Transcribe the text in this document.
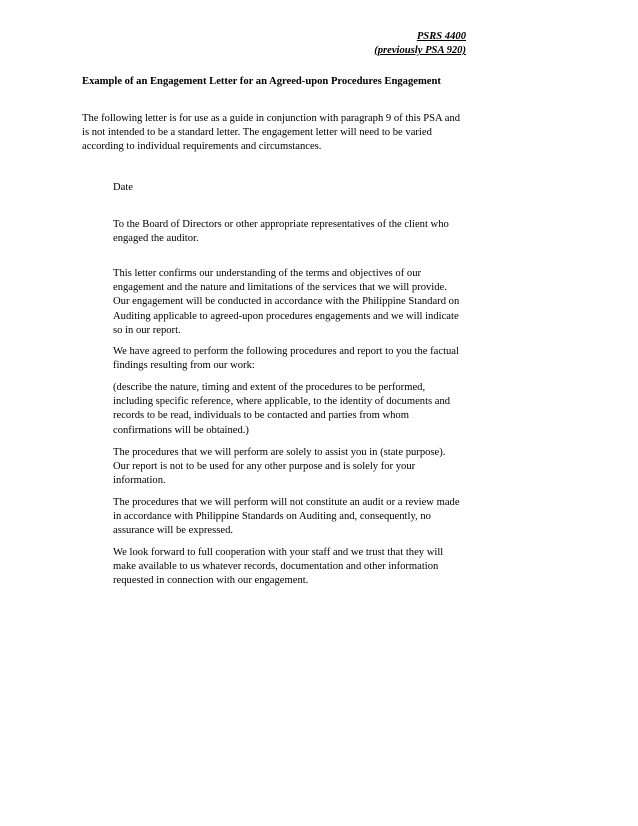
PSRS 4400
(previously PSA 920)
Example of an Engagement Letter for an Agreed-upon Procedures Engagement
The following letter is for use as a guide in conjunction with paragraph 9 of this PSA and
is not intended to be a standard letter. The engagement letter will need to be varied
according to individual requirements and circumstances.
Date
To the Board of Directors or other appropriate representatives of the client who
engaged the auditor.
This letter confirms our understanding of the terms and objectives of our
engagement and the nature and limitations of the services that we will provide.
Our engagement will be conducted in accordance with the Philippine Standard on
Auditing applicable to agreed-upon procedures engagements and we will indicate
so in our report.
We have agreed to perform the following procedures and report to you the factual
findings resulting from our work:
(describe the nature, timing and extent of the procedures to be performed,
including specific reference, where applicable, to the identity of documents and
records to be read, individuals to be contacted and parties from whom
confirmations will be obtained.)
The procedures that we will perform are solely to assist you in (state purpose).
Our report is not to be used for any other purpose and is solely for your
information.
The procedures that we will perform will not constitute an audit or a review made
in accordance with Philippine Standards on Auditing and, consequently, no
assurance will be expressed.
We look forward to full cooperation with your staff and we trust that they will
make available to us whatever records, documentation and other information
requested in connection with our engagement.
